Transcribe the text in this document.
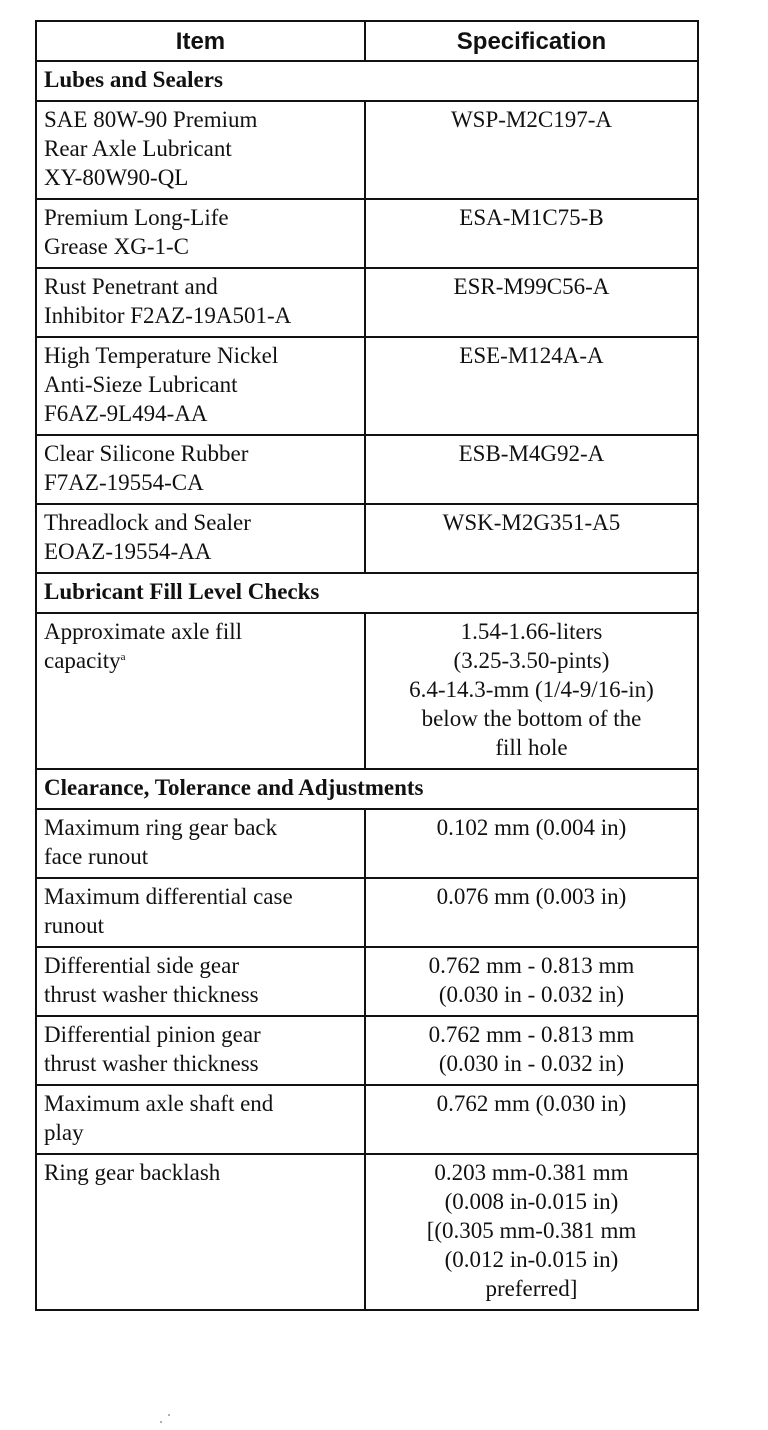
Item	Specification
Lubes and Sealers	

SAE 80W-90 Premium
Rear Axle Lubricant
XY-80W90-QL	WSP-M2C197-A

Premium Long-Life
Grease XG-1-C	ESA-M1C75-B

Rust Penetrant and
Inhibitor F2AZ-19A501-A	ESR-M99C56-A

High Temperature Nickel
Anti-Sieze Lubricant
F6AZ-9L494-AA	ESE-M124A-A

Clear Silicone Rubber
F7AZ-19554-CA	ESB-M4G92-A

Threadlock and Sealer
EOAZ-19554-AA	WSK-M2G351-A5

Lubricant Fill Level Checks	

Approximate axle fill
capacity$^a$	1.54-1.66-liters
(3.25-3.50-pints)
6.4-14.3-mm (1/4-9/16-in)
below the bottom of the
fill hole

Clearance, Tolerance and Adjustments	

Maximum ring gear back
face runout	0.102 mm (0.004 in)

Maximum differential case
runout	0.076 mm (0.003 in)

Differential side gear
thrust washer thickness	0.762 mm - 0.813 mm
(0.030 in - 0.032 in)

Differential pinion gear
thrust washer thickness	0.762 mm - 0.813 mm
(0.030 in - 0.032 in)

Maximum axle shaft end
play	0.762 mm (0.030 in)

Ring gear backlash	0.203 mm-0.381 mm
(0.008 in-0.015 in)
[(0.305 mm-0.381 mm
(0.012 in-0.015 in)
preferred]
